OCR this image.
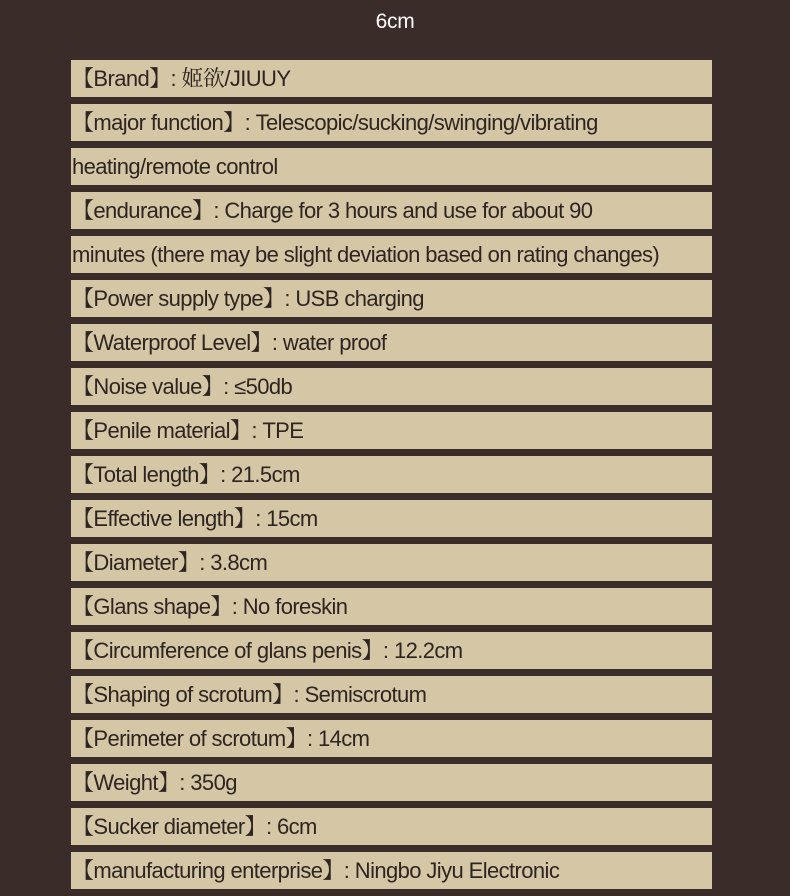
6cm
【Brand】: 姬欲/JIUUY
【major function】: Telescopic/sucking/swinging/vibrating
heating/remote control
【endurance】: Charge for 3 hours and use for about 90
minutes (there may be slight deviation based on rating changes)
【Power supply type】: USB charging
【Waterproof Level】: water proof
【Noise value】: ≤50db
【Penile material】: TPE
【Total length】: 21.5cm
【Effective length】: 15cm
【Diameter】: 3.8cm
【Glans shape】: No foreskin
【Circumference of glans penis】: 12.2cm
【Shaping of scrotum】: Semiscrotum
【Perimeter of scrotum】: 14cm
【Weight】: 350g
【Sucker diameter】: 6cm
【manufacturing enterprise】: Ningbo Jiyu Electronic
